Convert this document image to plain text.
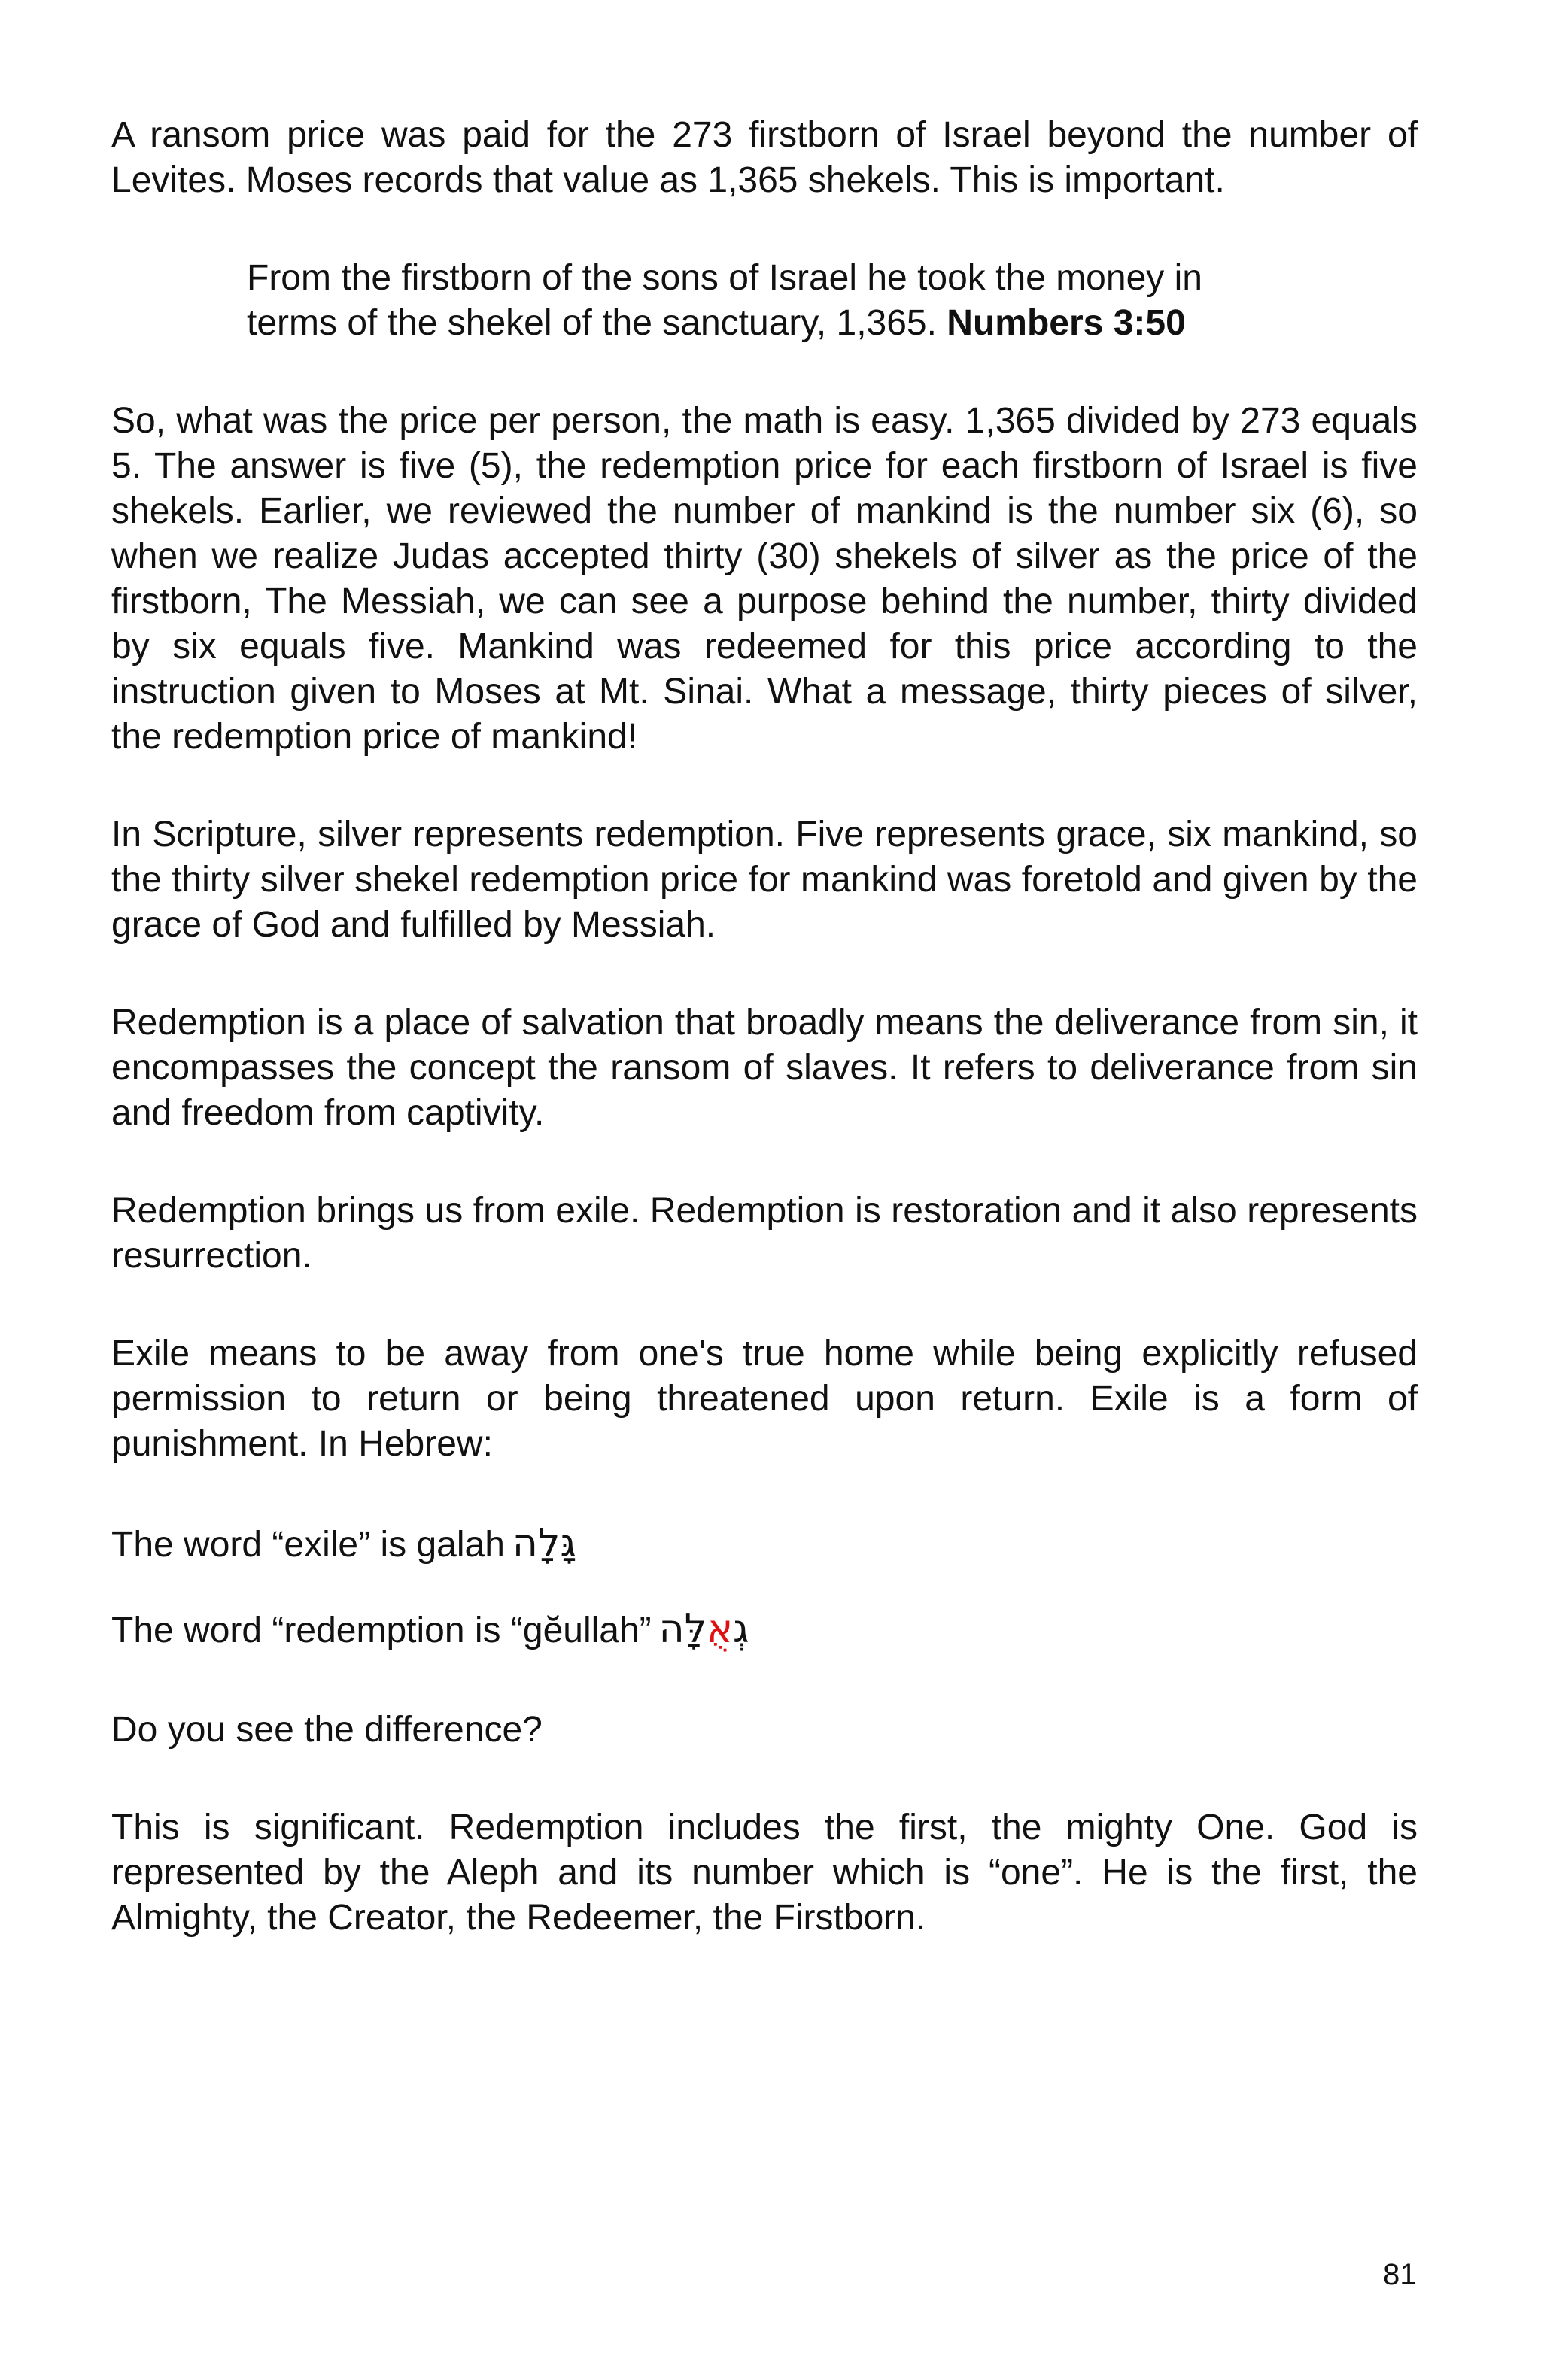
A ransom price was paid for the 273 firstborn of Israel beyond the number of Levites. Moses records that value as 1,365 shekels. This is important.

From the firstborn of the sons of Israel he took the money in terms of the shekel of the sanctuary, 1,365. Numbers 3:50

So, what was the price per person, the math is easy. 1,365 divided by 273 equals 5. The answer is five (5), the redemption price for each firstborn of Israel is five shekels. Earlier, we reviewed the number of mankind is the number six (6), so when we realize Judas accepted thirty (30) shekels of silver as the price of the firstborn, The Messiah, we can see a purpose behind the number, thirty divided by six equals five. Mankind was redeemed for this price according to the instruction given to Moses at Mt. Sinai. What a message, thirty pieces of silver, the redemption price of mankind!

In Scripture, silver represents redemption. Five represents grace, six mankind, so the thirty silver shekel redemption price for mankind was foretold and given by the grace of God and fulfilled by Messiah.

Redemption is a place of salvation that broadly means the deliverance from sin, it encompasses the concept the ransom of slaves. It refers to deliverance from sin and freedom from captivity.

Redemption brings us from exile. Redemption is restoration and it also represents resurrection.

Exile means to be away from one's true home while being explicitly refused permission to return or being threatened upon return. Exile is a form of punishment. In Hebrew:

The word “exile” is galah גָּלָה

The word “redemption is “gĕullah”	גְאֻלָּה

Do you see the difference?

This is significant. Redemption includes the first, the mighty One. God is represented by the Aleph and its number which is “one”. He is the first, the Almighty, the Creator, the Redeemer, the Firstborn.

81
